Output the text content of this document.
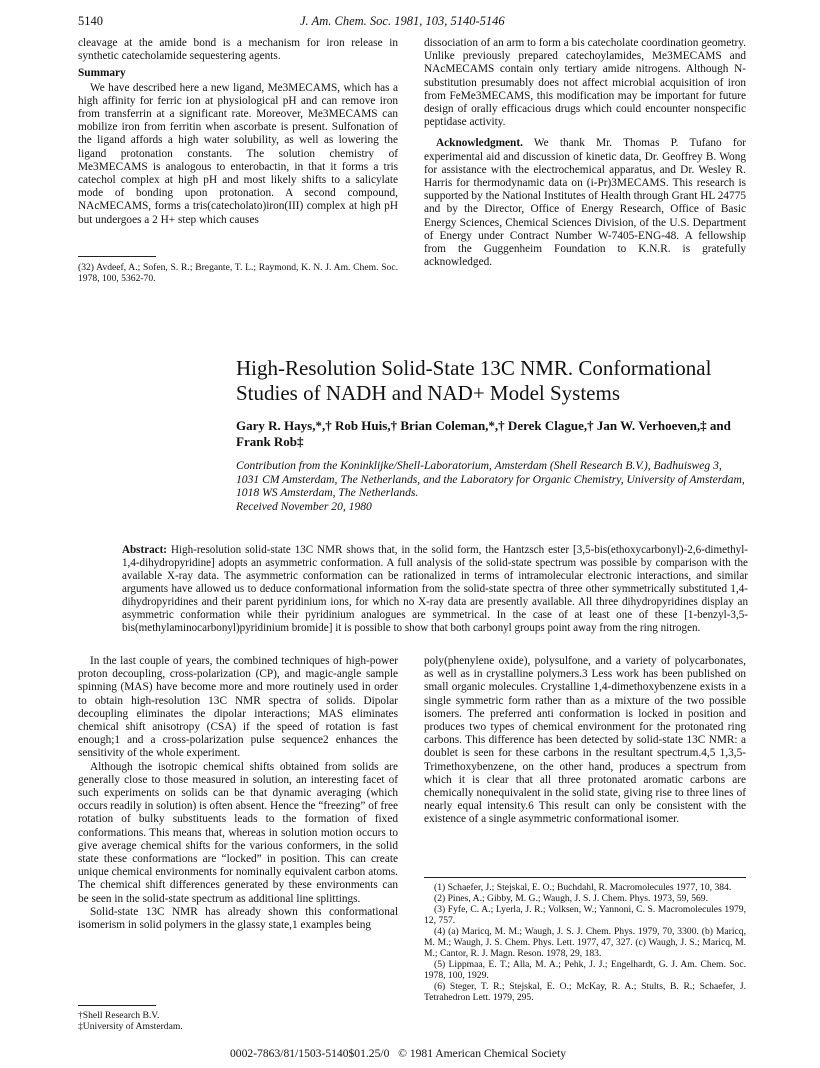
5140	J. Am. Chem. Soc. 1981, 103, 5140-5146

cleavage at the amide bond is a mechanism for iron release in synthetic catecholamide sequestering agents.

Summary

We have described here a new ligand, Me3MECAMS, which has a high affinity for ferric ion at physiological pH and can remove iron from transferrin at a significant rate. Moreover, Me3MECAMS can mobilize iron from ferritin when ascorbate is present. Sulfonation of the ligand affords a high water solubility, as well as lowering the ligand protonation constants. The solution chemistry of Me3MECAMS is analogous to enterobactin, in that it forms a tris catechol complex at high pH and most likely shifts to a salicylate mode of bonding upon protonation. A second compound, NAcMECAMS, forms a tris(catecholato)iron(III) complex at high pH but undergoes a 2 H+ step which causes

(32) Avdeef, A.; Sofen, S. R.; Bregante, T. L.; Raymond, K. N. J. Am. Chem. Soc. 1978, 100, 5362-70.

dissociation of an arm to form a bis catecholate coordination geometry. Unlike previously prepared catechoylamides, Me3MECAMS and NAcMECAMS contain only tertiary amide nitrogens. Although N-substitution presumably does not affect microbial acquisition of iron from FeMe3MECAMS, this modification may be important for future design of orally efficacious drugs which could encounter nonspecific peptidase activity.

Acknowledgment. We thank Mr. Thomas P. Tufano for experimental aid and discussion of kinetic data, Dr. Geoffrey B. Wong for assistance with the electrochemical apparatus, and Dr. Wesley R. Harris for thermodynamic data on (i-Pr)3MECAMS. This research is supported by the National Institutes of Health through Grant HL 24775 and by the Director, Office of Energy Research, Office of Basic Energy Sciences, Chemical Sciences Division, of the U.S. Department of Energy under Contract Number W-7405-ENG-48. A fellowship from the Guggenheim Foundation to K.N.R. is gratefully acknowledged.

High-Resolution Solid-State 13C NMR. Conformational
Studies of NADH and NAD+ Model Systems
Gary R. Hays,*,† Rob Huis,† Brian Coleman,*,† Derek Clague,† Jan W. Verhoeven,‡ and
Frank Rob‡
Contribution from the Koninklijke/Shell-Laboratorium, Amsterdam (Shell Research B.V.), Badhuisweg 3, 1031 CM Amsterdam, The Netherlands, and the Laboratory for Organic Chemistry, University of Amsterdam, 1018 WS Amsterdam, The Netherlands.
Received November 20, 1980
Abstract: High-resolution solid-state 13C NMR shows that, in the solid form, the Hantzsch ester [3,5-bis(ethoxycarbonyl)-2,6-dimethyl-1,4-dihydropyridine] adopts an asymmetric conformation. A full analysis of the solid-state spectrum was possible by comparison with the available X-ray data. The asymmetric conformation can be rationalized in terms of intramolecular electronic interactions, and similar arguments have allowed us to deduce conformational information from the solid-state spectra of three other symmetrically substituted 1,4-dihydropyridines and their parent pyridinium ions, for which no X-ray data are presently available. All three dihydropyridines display an asymmetric conformation while their pyridinium analogues are symmetrical. In the case of at least one of these [1-benzyl-3,5-bis(methylaminocarbonyl)pyridinium bromide] it is possible to show that both carbonyl groups point away from the ring nitrogen.

In the last couple of years, the combined techniques of high-power proton decoupling, cross-polarization (CP), and magic-angle sample spinning (MAS) have become more and more routinely used in order to obtain high-resolution 13C NMR spectra of solids. Dipolar decoupling eliminates the dipolar interactions; MAS eliminates chemical shift anisotropy (CSA) if the speed of rotation is fast enough;1 and a cross-polarization pulse sequence2 enhances the sensitivity of the whole experiment.

Although the isotropic chemical shifts obtained from solids are generally close to those measured in solution, an interesting facet of such experiments on solids can be that dynamic averaging (which occurs readily in solution) is often absent. Hence the “freezing” of free rotation of bulky substituents leads to the formation of fixed conformations. This means that, whereas in solution motion occurs to give average chemical shifts for the various conformers, in the solid state these conformations are “locked” in position. This can create unique chemical environments for nominally equivalent carbon atoms. The chemical shift differences generated by these environments can be seen in the solid-state spectrum as additional line splittings.

Solid-state 13C NMR has already shown this conformational isomerism in solid polymers in the glassy state,1 examples being

†Shell Research B.V.
‡University of Amsterdam.

poly(phenylene oxide), polysulfone, and a variety of polycarbonates, as well as in crystalline polymers.3 Less work has been published on small organic molecules. Crystalline 1,4-dimethoxybenzene exists in a single symmetric form rather than as a mixture of the two possible isomers. The preferred anti conformation is locked in position and produces two types of chemical environment for the protonated ring carbons. This difference has been detected by solid-state 13C NMR: a doublet is seen for these carbons in the resultant spectrum.4,5 1,3,5-Trimethoxybenzene, on the other hand, produces a spectrum from which it is clear that all three protonated aromatic carbons are chemically nonequivalent in the solid state, giving rise to three lines of nearly equal intensity.6 This result can only be consistent with the existence of a single asymmetric conformational isomer.

(1) Schaefer, J.; Stejskal, E. O.; Buchdahl, R. Macromolecules 1977, 10, 384.

(2) Pines, A.; Gibby, M. G.; Waugh, J. S. J. Chem. Phys. 1973, 59, 569.

(3) Fyfe, C. A.; Lyerla, J. R.; Volksen, W.; Yannoni, C. S. Macromolecules 1979, 12, 757.

(4) (a) Maricq, M. M.; Waugh, J. S. J. Chem. Phys. 1979, 70, 3300. (b) Maricq, M. M.; Waugh, J. S. Chem. Phys. Lett. 1977, 47, 327. (c) Waugh, J. S.; Maricq, M. M.; Cantor, R. J. Magn. Reson. 1978, 29, 183.

(5) Lippmaa, E. T.; Alla, M. A.; Pehk, J. J.; Engelhardt, G. J. Am. Chem. Soc. 1978, 100, 1929.

(6) Steger, T. R.; Stejskal, E. O.; McKay, R. A.; Stults, B. R.; Schaefer, J. Tetrahedron Lett. 1979, 295.

0002-7863/81/1503-5140$01.25/0 © 1981 American Chemical Society
